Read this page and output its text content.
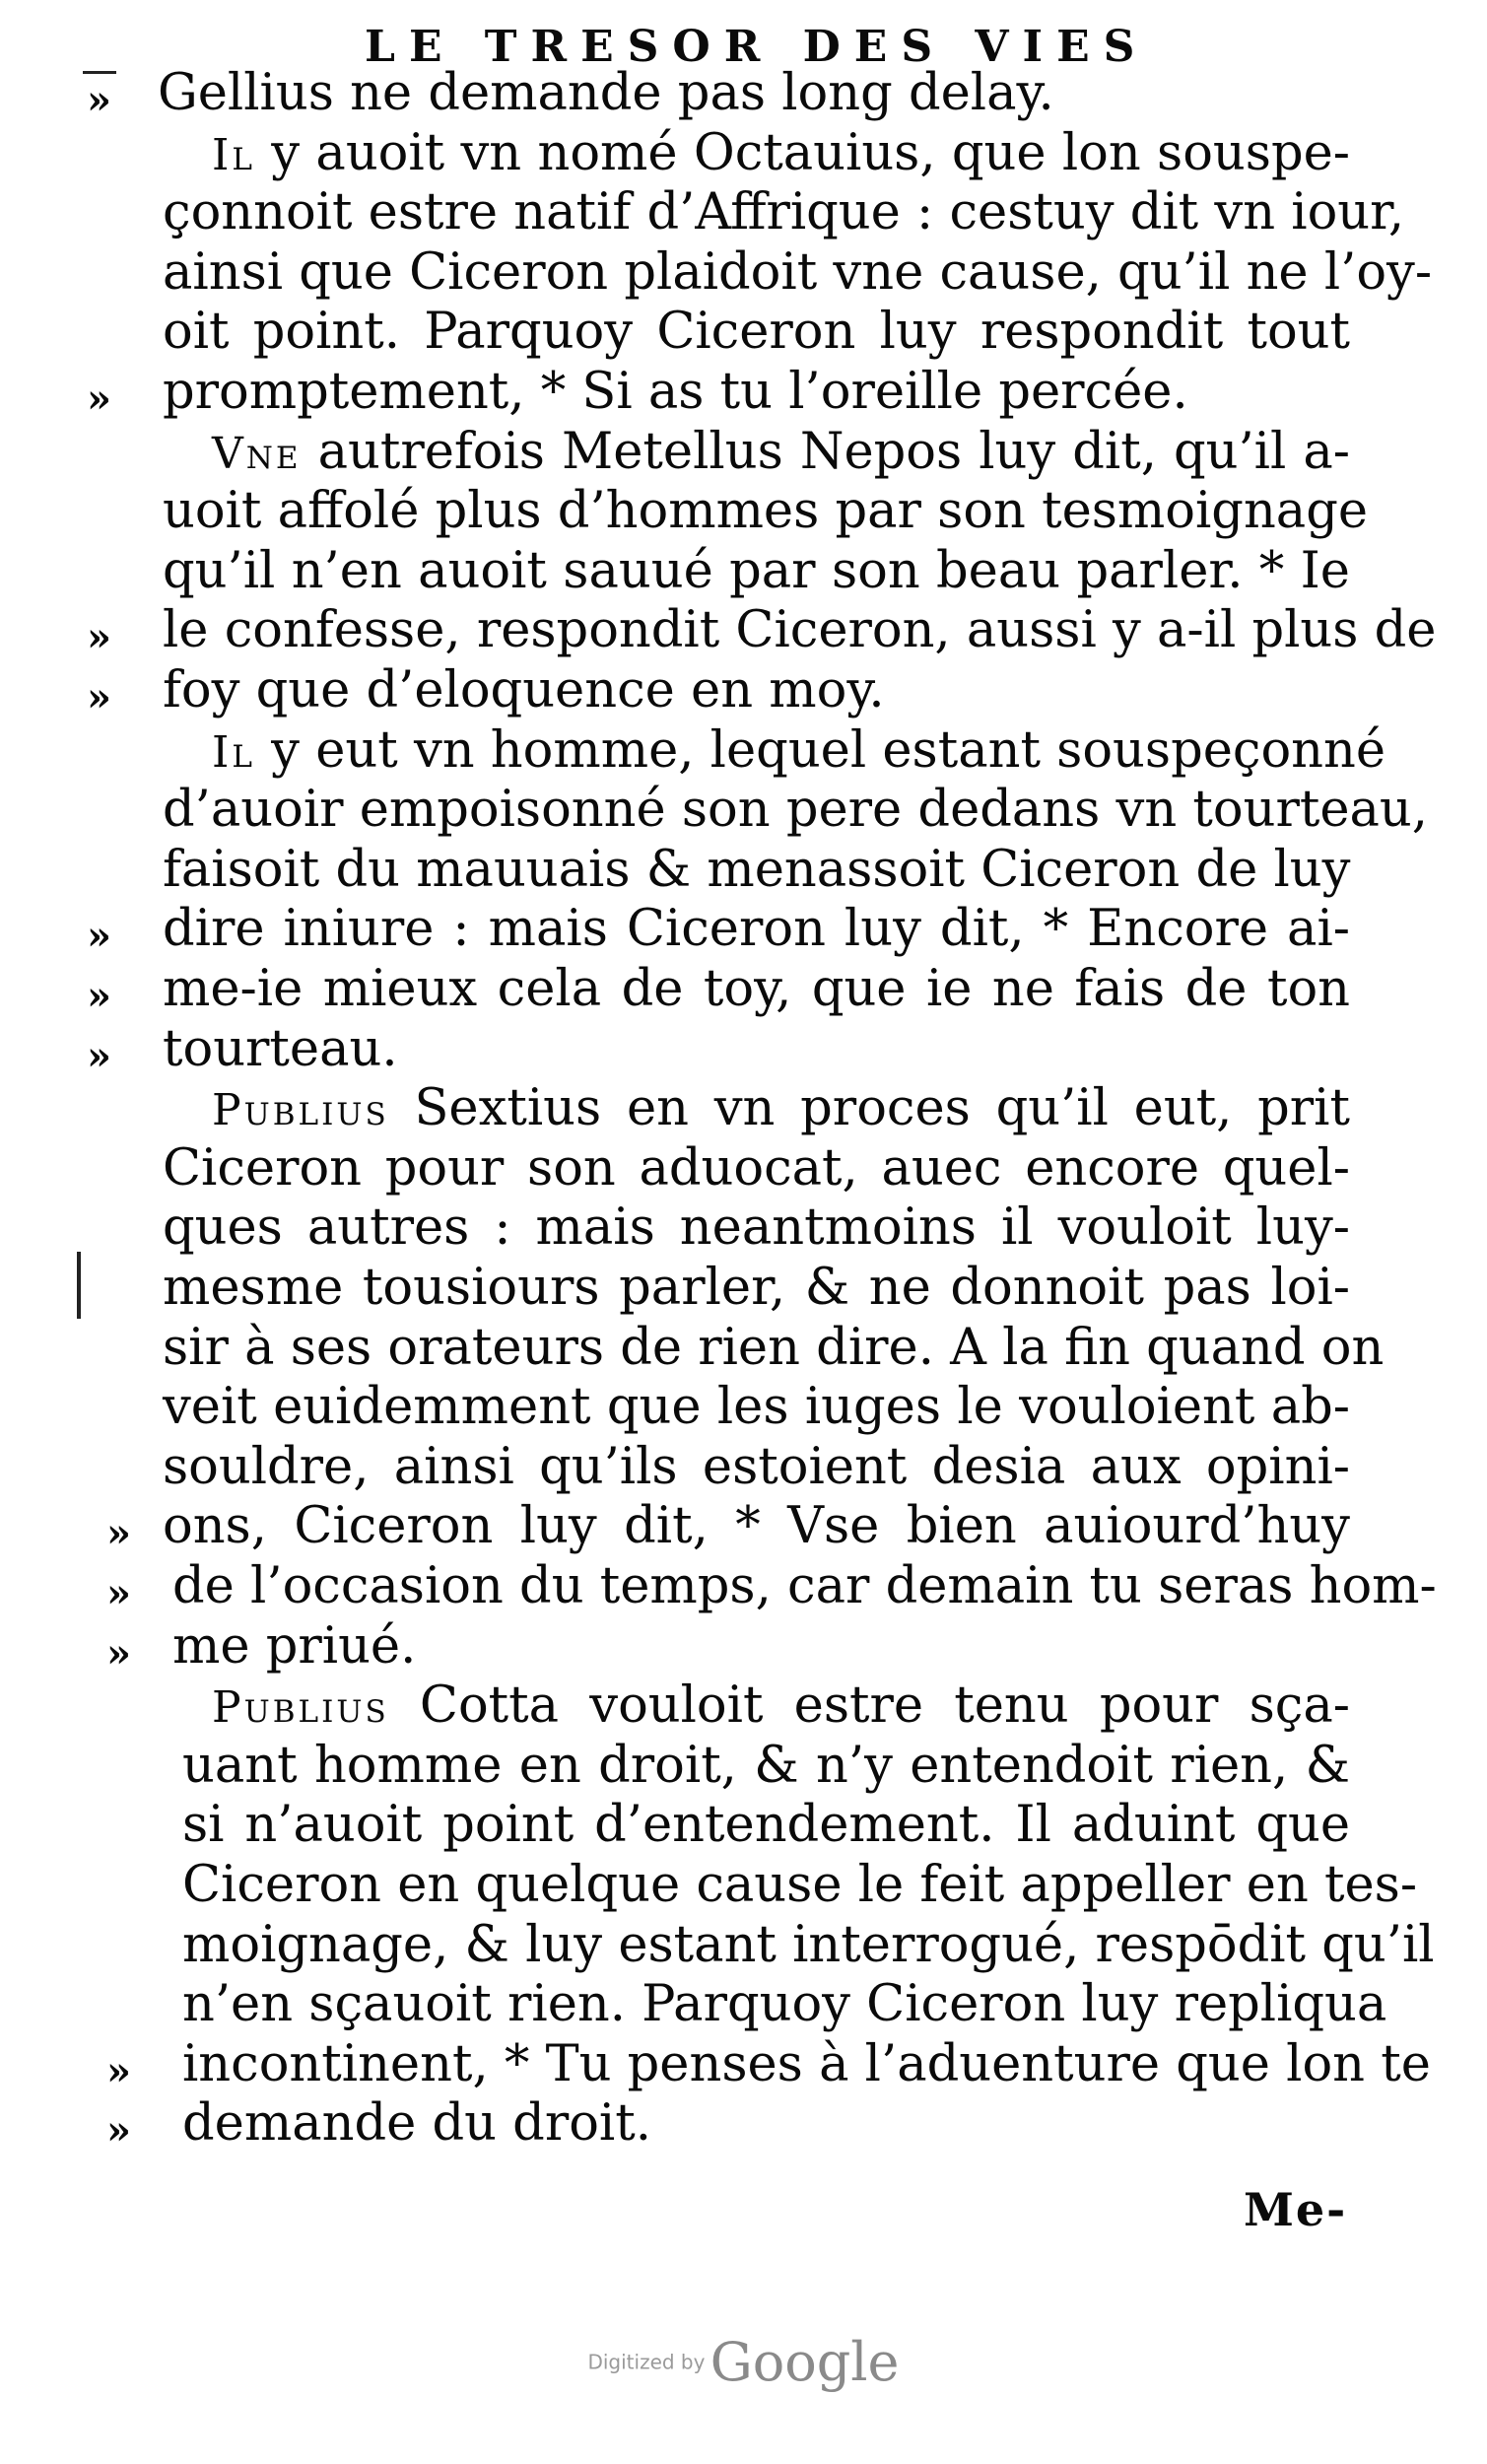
LE TRESOR DES VIES
Gellius ne demande pas long delay.
Il y auoit vn nomé Octauius, que lon souspe-
çonnoit estre natif d’Affrique : cestuy dit vn iour,
ainsi que Ciceron plaidoit vne cause, qu’il ne l’oy-
oit point. Parquoy Ciceron luy respondit tout
promptement, * Si as tu l’oreille percée.
Vne autrefois Metellus Nepos luy dit, qu’il a-
uoit affolé plus d’hommes par son tesmoignage
qu’il n’en auoit sauué par son beau parler. * Ie
le confesse, respondit Ciceron, aussi y a-il plus de
foy que d’eloquence en moy.
Il y eut vn homme, lequel estant souspeçonné
d’auoir empoisonné son pere dedans vn tourteau,
faisoit du mauuais & menassoit Ciceron de luy
dire iniure : mais Ciceron luy dit, * Encore ai-
me-ie mieux cela de toy, que ie ne fais de ton
tourteau.
Publius Sextius en vn proces qu’il eut, prit
Ciceron pour son aduocat, auec encore quel-
ques autres : mais neantmoins il vouloit luy-
mesme tousiours parler, & ne donnoit pas loi-
sir à ses orateurs de rien dire. A la fin quand on
veit euidemment que les iuges le vouloient ab-
souldre, ainsi qu’ils estoient desia aux opini-
ons, Ciceron luy dit, * Vse bien auiourd’huy
de l’occasion du temps, car demain tu seras hom-
me priué.
Publius Cotta vouloit estre tenu pour sça-
uant homme en droit, & n’y entendoit rien, &
si n’auoit point d’entendement. Il aduint que
Ciceron en quelque cause le feit appeller en tes-
moignage, & luy estant interrogué, respōdit qu’il
n’en sçauoit rien. Parquoy Ciceron luy repliqua
incontinent, * Tu penses à l’aduenture que lon te
demande du droit.
»
»
»
»
»
»
»
»
»
»
»
»
Me-
Digitized by Google
